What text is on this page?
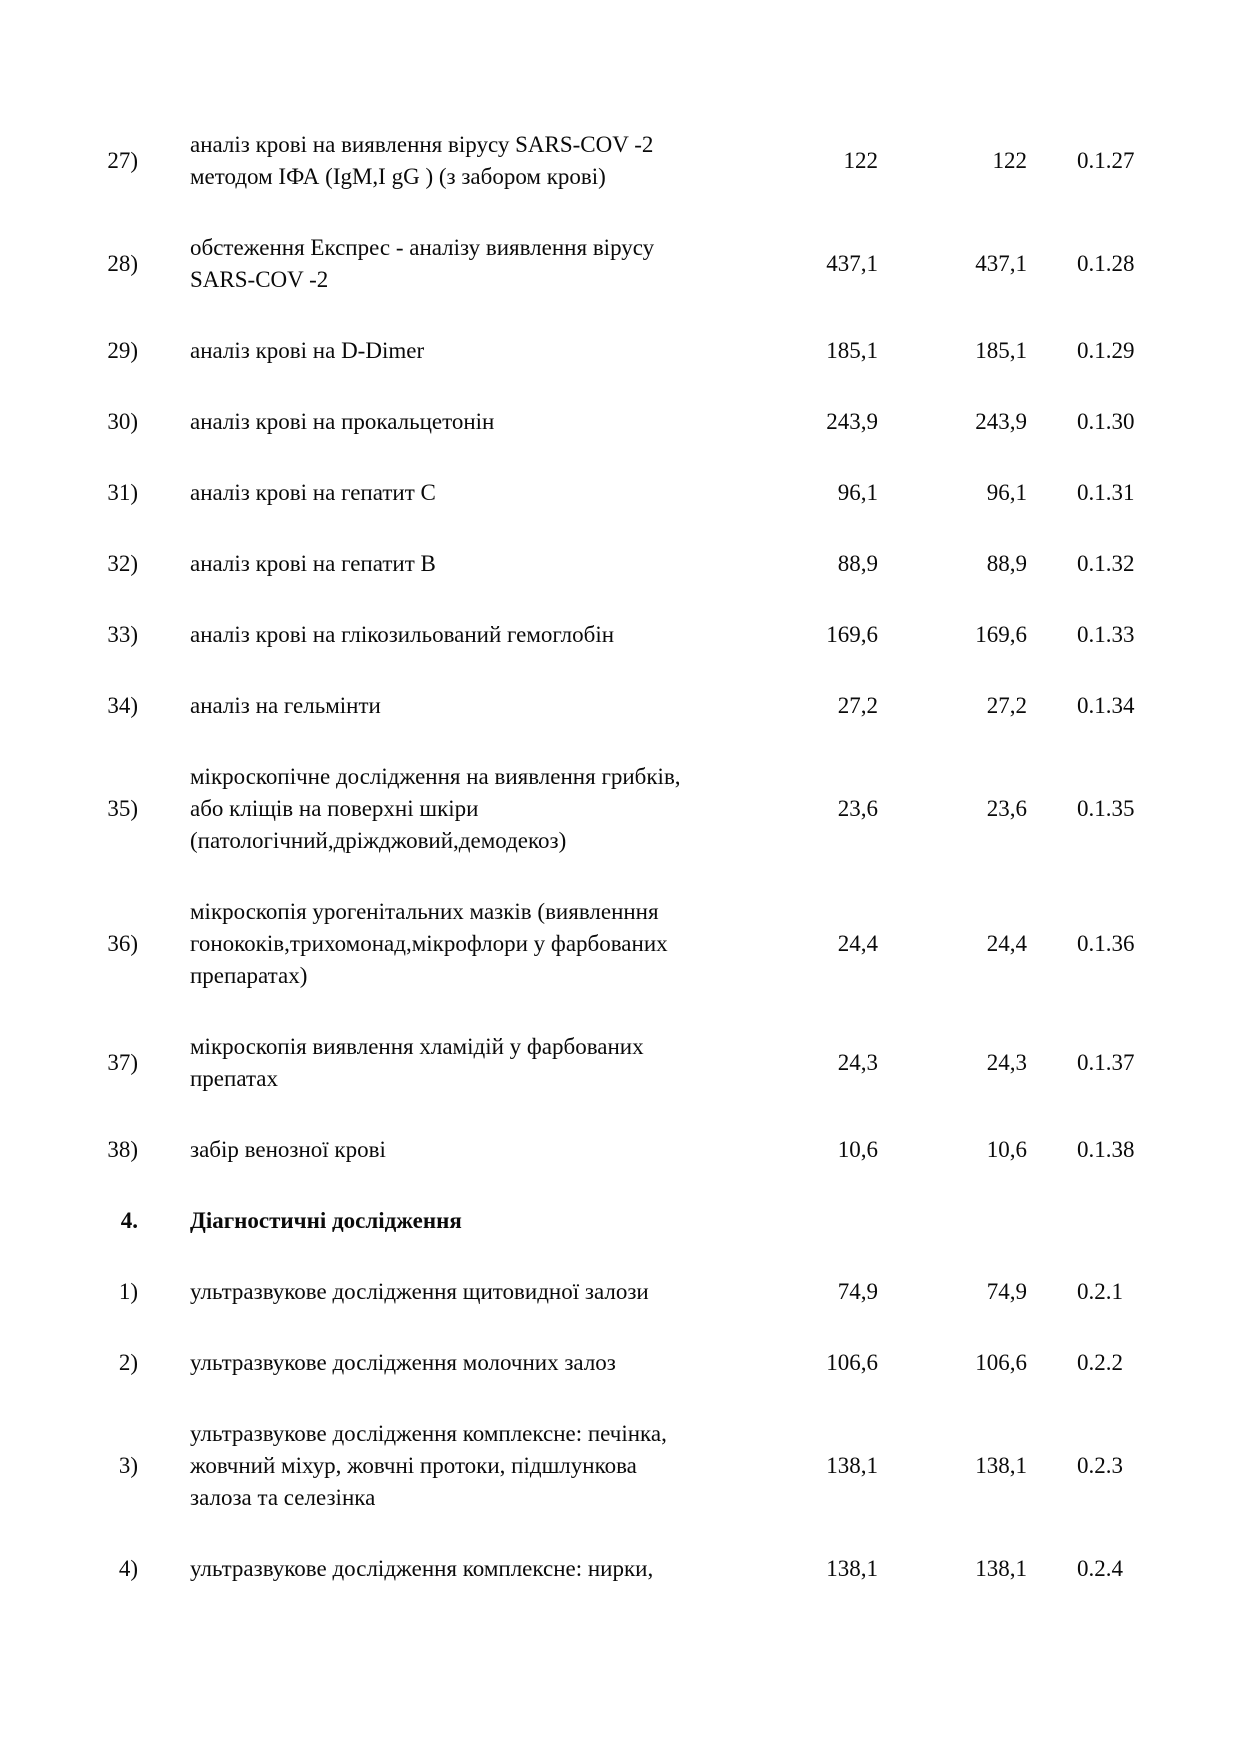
27)
аналіз крові на виявлення вірусу SARS-COV -2 методом ІФА (IgM,I gG ) (з забором крові)
122	122 0.1.27
28)
обстеження Експрес - аналізу виявлення вірусу SARS-COV -2
437,1	437,1 0.1.28
29) аналіз крові на D-Dimer	185,1	185,1 0.1.29
30) аналіз крові на прокальцетонін	243,9	243,9 0.1.30
31) аналіз крові на гепатит C	96,1	96,1 0.1.31
32) аналіз крові на гепатит B	88,9	88,9 0.1.32
33) аналіз крові на глікозильований гемоглобін	169,6	169,6 0.1.33
34) аналіз на гельмінти	27,2	27,2 0.1.34
35)
мікроскопічне дослідження на виявлення грибків, або кліщів на поверхні шкіри (патологічний,дріжджовий,демодекоз)
23,6	23,6 0.1.35
36)
мікроскопія урогенітальних мазків (виявленння гонококів,трихомонад,мікрофлори у фарбованих препаратах)
24,4	24,4 0.1.36
37)
мікроскопія виявлення хламідій у фарбованих препатах
24,3	24,3 0.1.37
38) забір венозної крові	10,6	10,6 0.1.38
4. Діагностичні дослідження
1) ультразвукове дослідження щитовидної залози	74,9	74,9 0.2.1
2) ультразвукове дослідження молочних залоз	106,6	106,6 0.2.2
3)
ультразвукове дослідження комплексне: печінка, жовчний міхур, жовчні протоки, підшлункова залоза та селезінка
138,1	138,1 0.2.3
4) ультразвукове дослідження комплексне: нирки,	138,1	138,1 0.2.4
